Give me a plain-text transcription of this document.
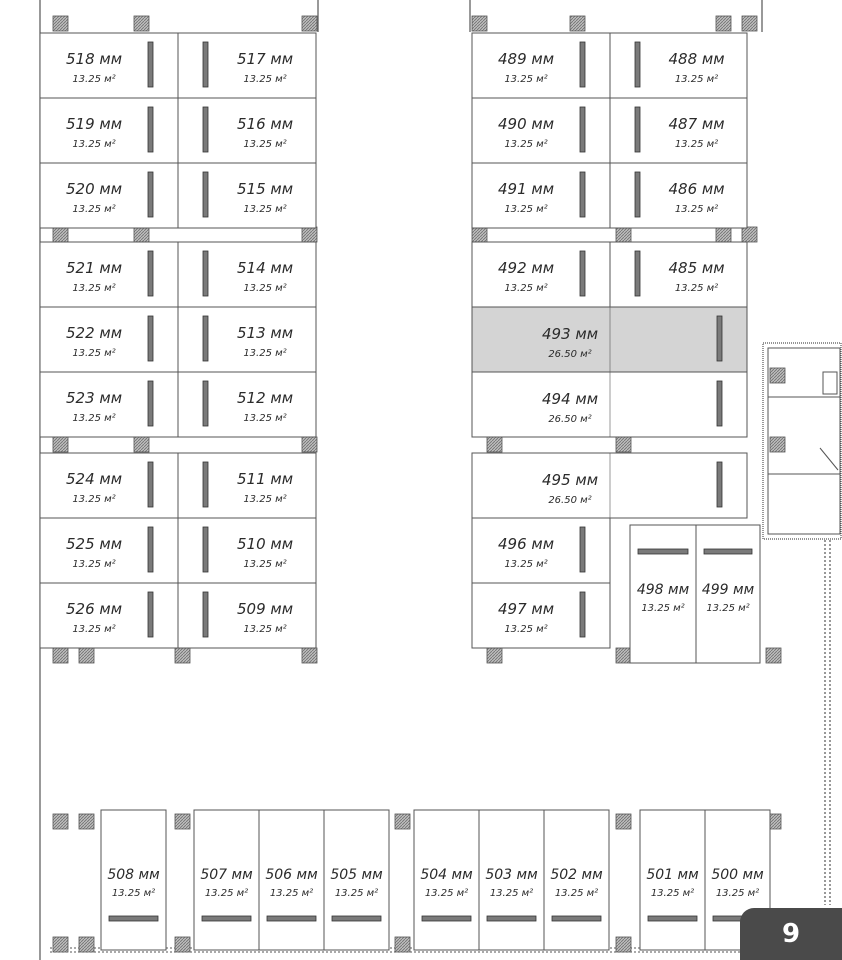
518 мм
13.25 м²
517 мм
13.25 м²
519 мм
13.25 м²
516 мм
13.25 м²
520 мм
13.25 м²
515 мм
13.25 м²
521 мм
13.25 м²
514 мм
13.25 м²
522 мм
13.25 м²
513 мм
13.25 м²
523 мм
13.25 м²
512 мм
13.25 м²
524 мм
13.25 м²
511 мм
13.25 м²
525 мм
13.25 м²
510 мм
13.25 м²
526 мм
13.25 м²
509 мм
13.25 м²
489 мм
13.25 м²
488 мм
13.25 м²
490 мм
13.25 м²
487 мм
13.25 м²
491 мм
13.25 м²
486 мм
13.25 м²
492 мм
13.25 м²
485 мм
13.25 м²
493 мм
26.50 м²
494 мм
26.50 м²
495 мм
26.50 м²
496 мм
13.25 м²
497 мм
13.25 м²
498 мм
13.25 м²
499 мм
13.25 м²
508 мм
13.25 м²
507 мм
13.25 м²
506 мм
13.25 м²
505 мм
13.25 м²
504 мм
13.25 м²
503 мм
13.25 м²
502 мм
13.25 м²
501 мм
13.25 м²
500 мм
13.25 м²
9
